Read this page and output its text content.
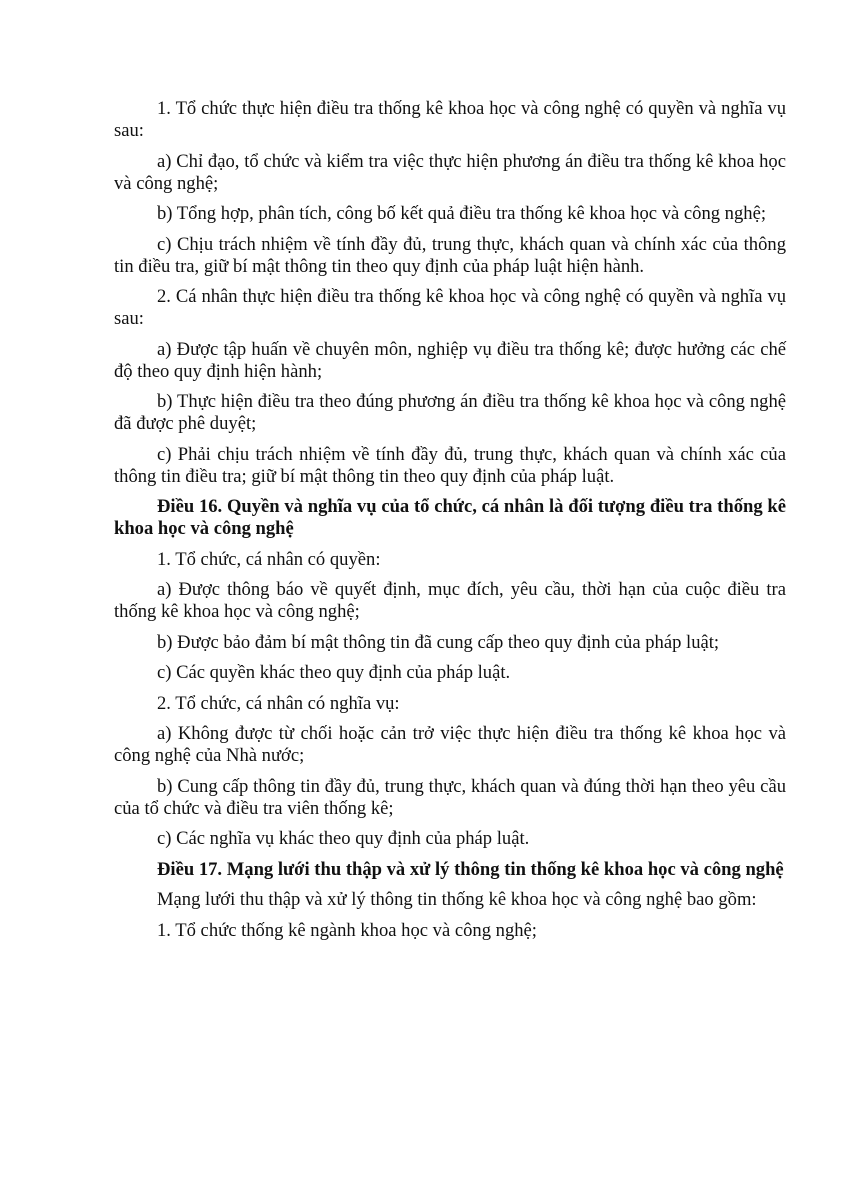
1. Tổ chức thực hiện điều tra thống kê khoa học và công nghệ có quyền và nghĩa vụ sau:

a) Chỉ đạo, tổ chức và kiểm tra việc thực hiện phương án điều tra thống kê khoa học và công nghệ;

b) Tổng hợp, phân tích, công bố kết quả điều tra thống kê khoa học và công nghệ;

c) Chịu trách nhiệm về tính đầy đủ, trung thực, khách quan và chính xác của thông tin điều tra, giữ bí mật thông tin theo quy định của pháp luật hiện hành.

2. Cá nhân thực hiện điều tra thống kê khoa học và công nghệ có quyền và nghĩa vụ sau:

a) Được tập huấn về chuyên môn, nghiệp vụ điều tra thống kê; được hưởng các chế độ theo quy định hiện hành;

b) Thực hiện điều tra theo đúng phương án điều tra thống kê khoa học và công nghệ đã được phê duyệt;

c) Phải chịu trách nhiệm về tính đầy đủ, trung thực, khách quan và chính xác của thông tin điều tra; giữ bí mật thông tin theo quy định của pháp luật.

Điều 16. Quyền và nghĩa vụ của tổ chức, cá nhân là đối tượng điều tra thống kê khoa học và công nghệ

1. Tổ chức, cá nhân có quyền:

a) Được thông báo về quyết định, mục đích, yêu cầu, thời hạn của cuộc điều tra thống kê khoa học và công nghệ;

b) Được bảo đảm bí mật thông tin đã cung cấp theo quy định của pháp luật;

c) Các quyền khác theo quy định của pháp luật.

2. Tổ chức, cá nhân có nghĩa vụ:

a) Không được từ chối hoặc cản trở việc thực hiện điều tra thống kê khoa học và công nghệ của Nhà nước;

b) Cung cấp thông tin đầy đủ, trung thực, khách quan và đúng thời hạn theo yêu cầu của tổ chức và điều tra viên thống kê;

c) Các nghĩa vụ khác theo quy định của pháp luật.

Điều 17. Mạng lưới thu thập và xử lý thông tin thống kê khoa học và công nghệ

Mạng lưới thu thập và xử lý thông tin thống kê khoa học và công nghệ bao gồm:

1. Tổ chức thống kê ngành khoa học và công nghệ;
